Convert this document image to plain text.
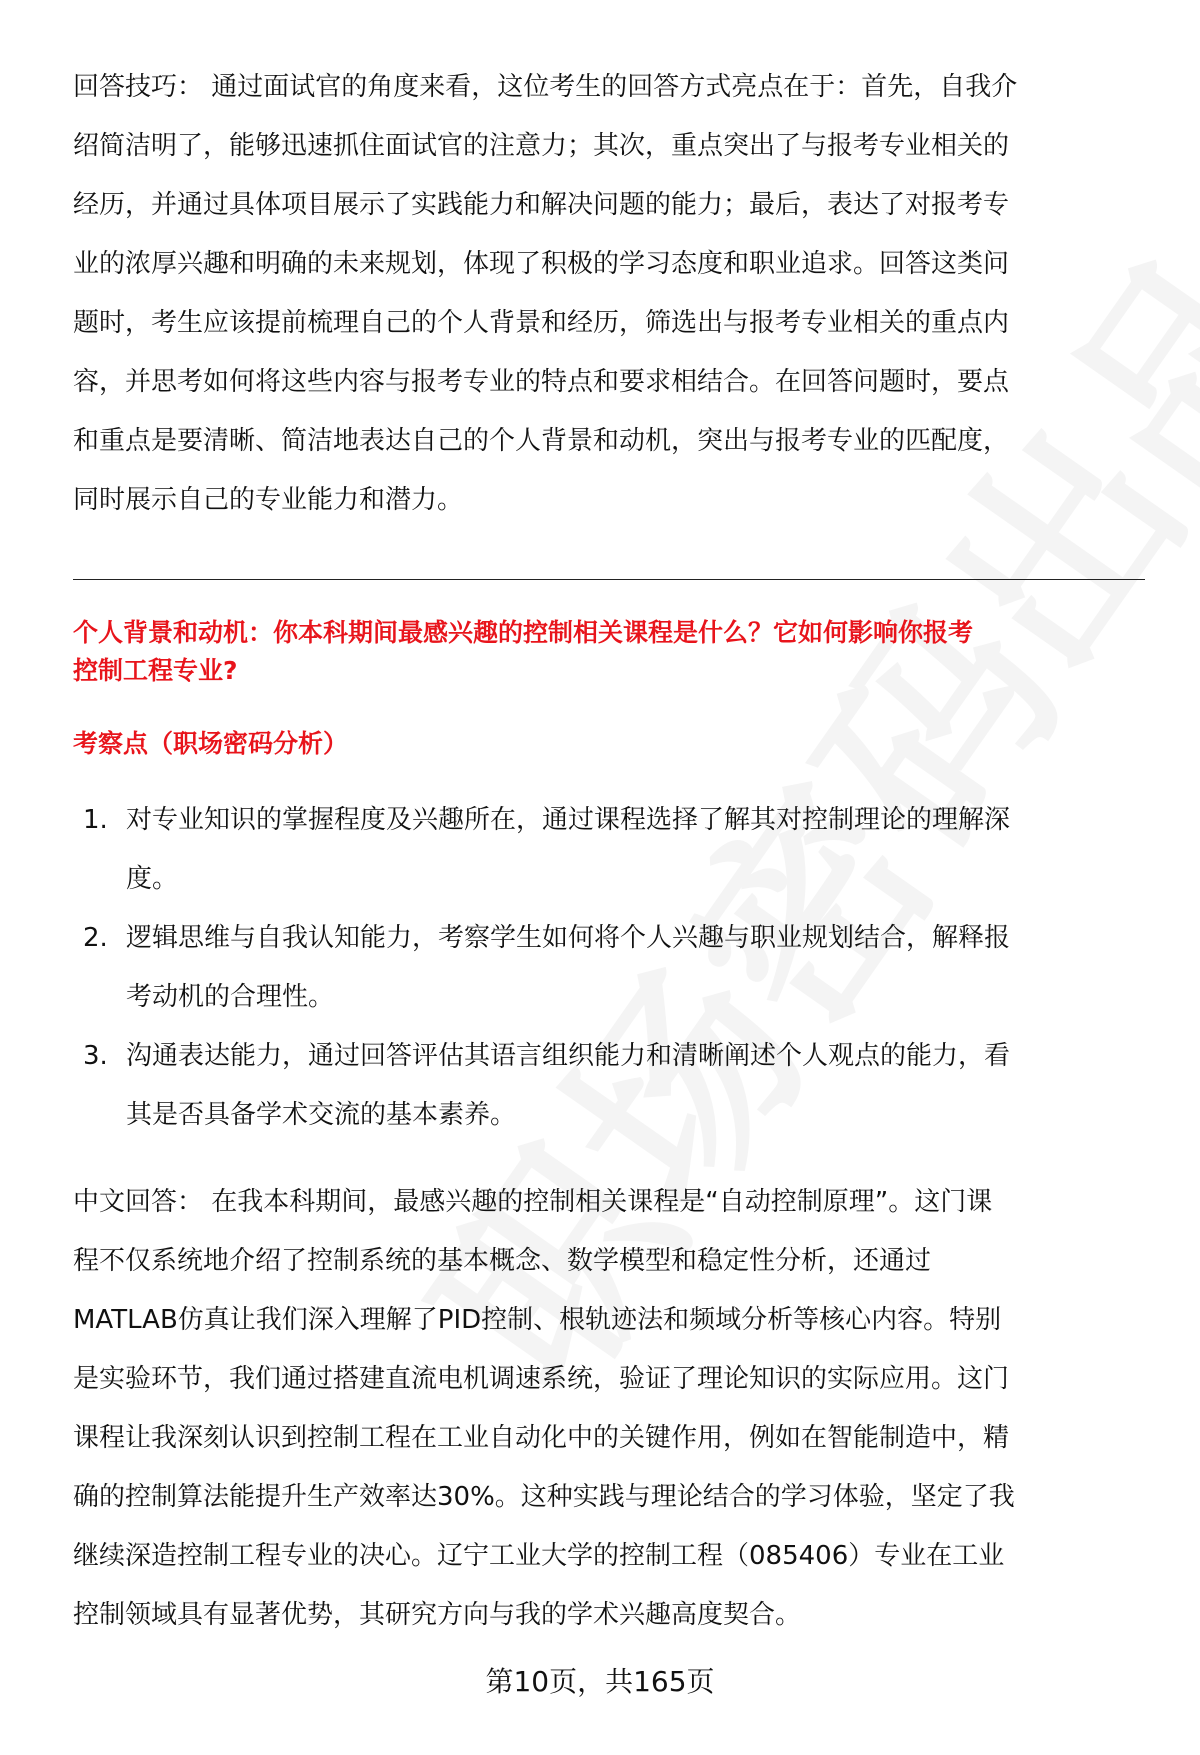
回答技巧： 通过面试官的角度来看，这位考生的回答方式亮点在于：首先，自我介
绍简洁明了，能够迅速抓住面试官的注意力；其次，重点突出了与报考专业相关的
经历，并通过具体项目展示了实践能力和解决问题的能力；最后，表达了对报考专
业的浓厚兴趣和明确的未来规划，体现了积极的学习态度和职业追求。回答这类问
题时，考生应该提前梳理自己的个人背景和经历，筛选出与报考专业相关的重点内
容，并思考如何将这些内容与报考专业的特点和要求相结合。在回答问题时，要点
和重点是要清晰、简洁地表达自己的个人背景和动机，突出与报考专业的匹配度，
同时展示自己的专业能力和潜力。
个人背景和动机：你本科期间最感兴趣的控制相关课程是什么？它如何影响你报考
控制工程专业?
考察点（职场密码分析）
1. 对专业知识的掌握程度及兴趣所在，通过课程选择了解其对控制理论的理解深
度。
2. 逻辑思维与自我认知能力，考察学生如何将个人兴趣与职业规划结合，解释报
考动机的合理性。
3. 沟通表达能力，通过回答评估其语言组织能力和清晰阐述个人观点的能力，看
其是否具备学术交流的基本素养。
中文回答： 在我本科期间，最感兴趣的控制相关课程是“自动控制原理”。这门课
程不仅系统地介绍了控制系统的基本概念、数学模型和稳定性分析，还通过
MATLAB仿真让我们深入理解了PID控制、根轨迹法和频域分析等核心内容。特别
是实验环节，我们通过搭建直流电机调速系统，验证了理论知识的实际应用。这门
课程让我深刻认识到控制工程在工业自动化中的关键作用，例如在智能制造中，精
确的控制算法能提升生产效率达30%。这种实践与理论结合的学习体验，坚定了我
继续深造控制工程专业的决心。辽宁工业大学的控制工程（085406）专业在工业
控制领域具有显著优势，其研究方向与我的学术兴趣高度契合。
第10页，共165页
